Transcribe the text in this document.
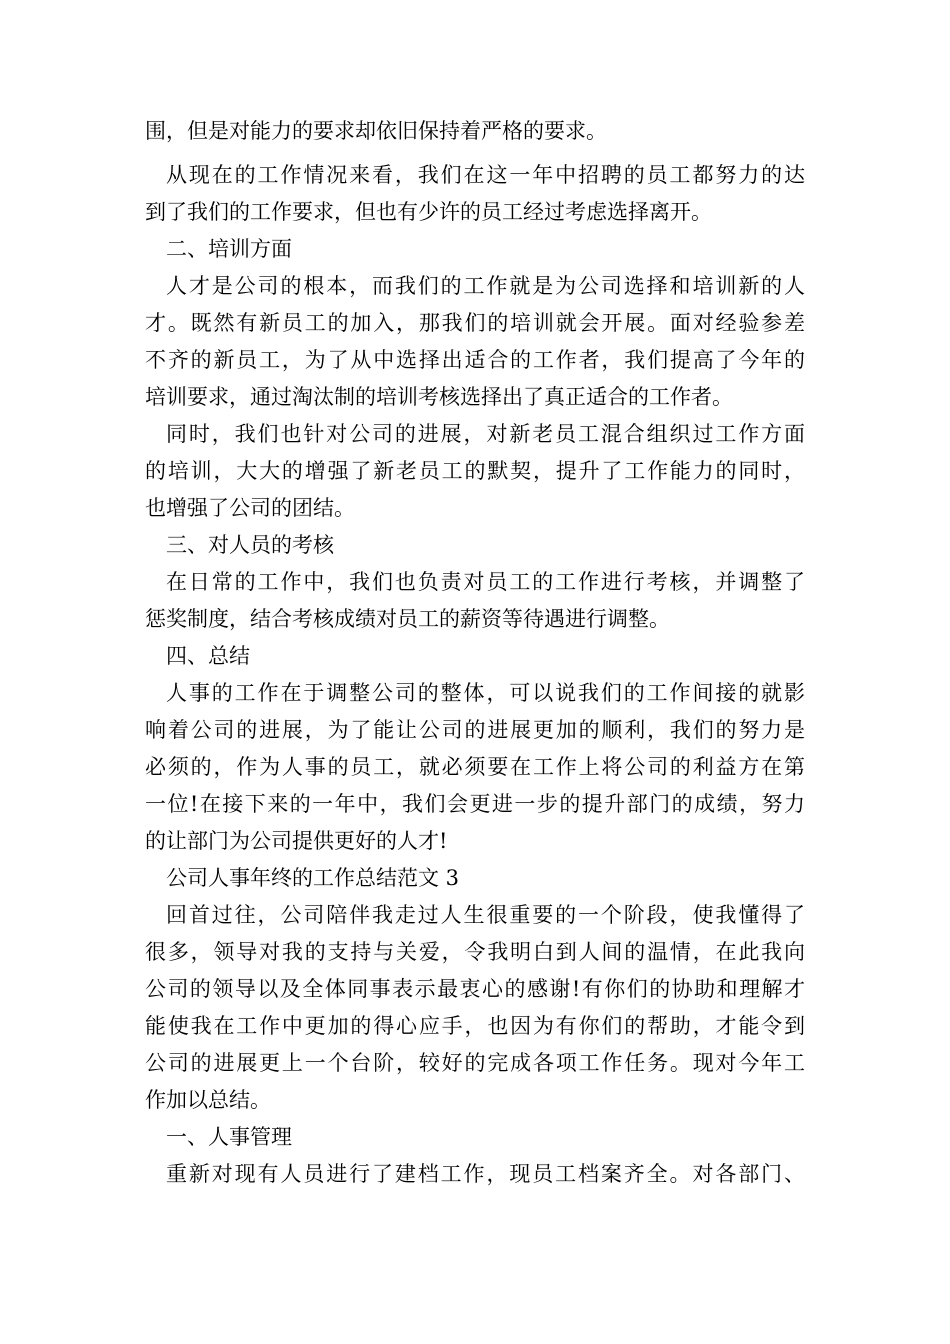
围，但是对能力的要求却依旧保持着严格的要求。
从现在的工作情况来看，我们在这一年中招聘的员工都努力的达
到了我们的工作要求，但也有少许的员工经过考虑选择离开。
二、培训方面
人才是公司的根本，而我们的工作就是为公司选择和培训新的人
才。既然有新员工的加入，那我们的培训就会开展。面对经验参差
不齐的新员工，为了从中选择出适合的工作者，我们提高了今年的
培训要求，通过淘汰制的培训考核选择出了真正适合的工作者。
同时，我们也针对公司的进展，对新老员工混合组织过工作方面
的培训，大大的增强了新老员工的默契，提升了工作能力的同时，
也增强了公司的团结。
三、对人员的考核
在日常的工作中，我们也负责对员工的工作进行考核，并调整了
惩奖制度，结合考核成绩对员工的薪资等待遇进行调整。
四、总结
人事的工作在于调整公司的整体，可以说我们的工作间接的就影
响着公司的进展，为了能让公司的进展更加的顺利，我们的努力是
必须的，作为人事的员工，就必须要在工作上将公司的利益方在第
一位!在接下来的一年中，我们会更进一步的提升部门的成绩，努力
的让部门为公司提供更好的人才!
公司人事年终的工作总结范文 3
回首过往，公司陪伴我走过人生很重要的一个阶段，使我懂得了
很多，领导对我的支持与关爱，令我明白到人间的温情，在此我向
公司的领导以及全体同事表示最衷心的感谢!有你们的协助和理解才
能使我在工作中更加的得心应手，也因为有你们的帮助，才能令到
公司的进展更上一个台阶，较好的完成各项工作任务。现对今年工
作加以总结。
一、人事管理
重新对现有人员进行了建档工作，现员工档案齐全。对各部门、
